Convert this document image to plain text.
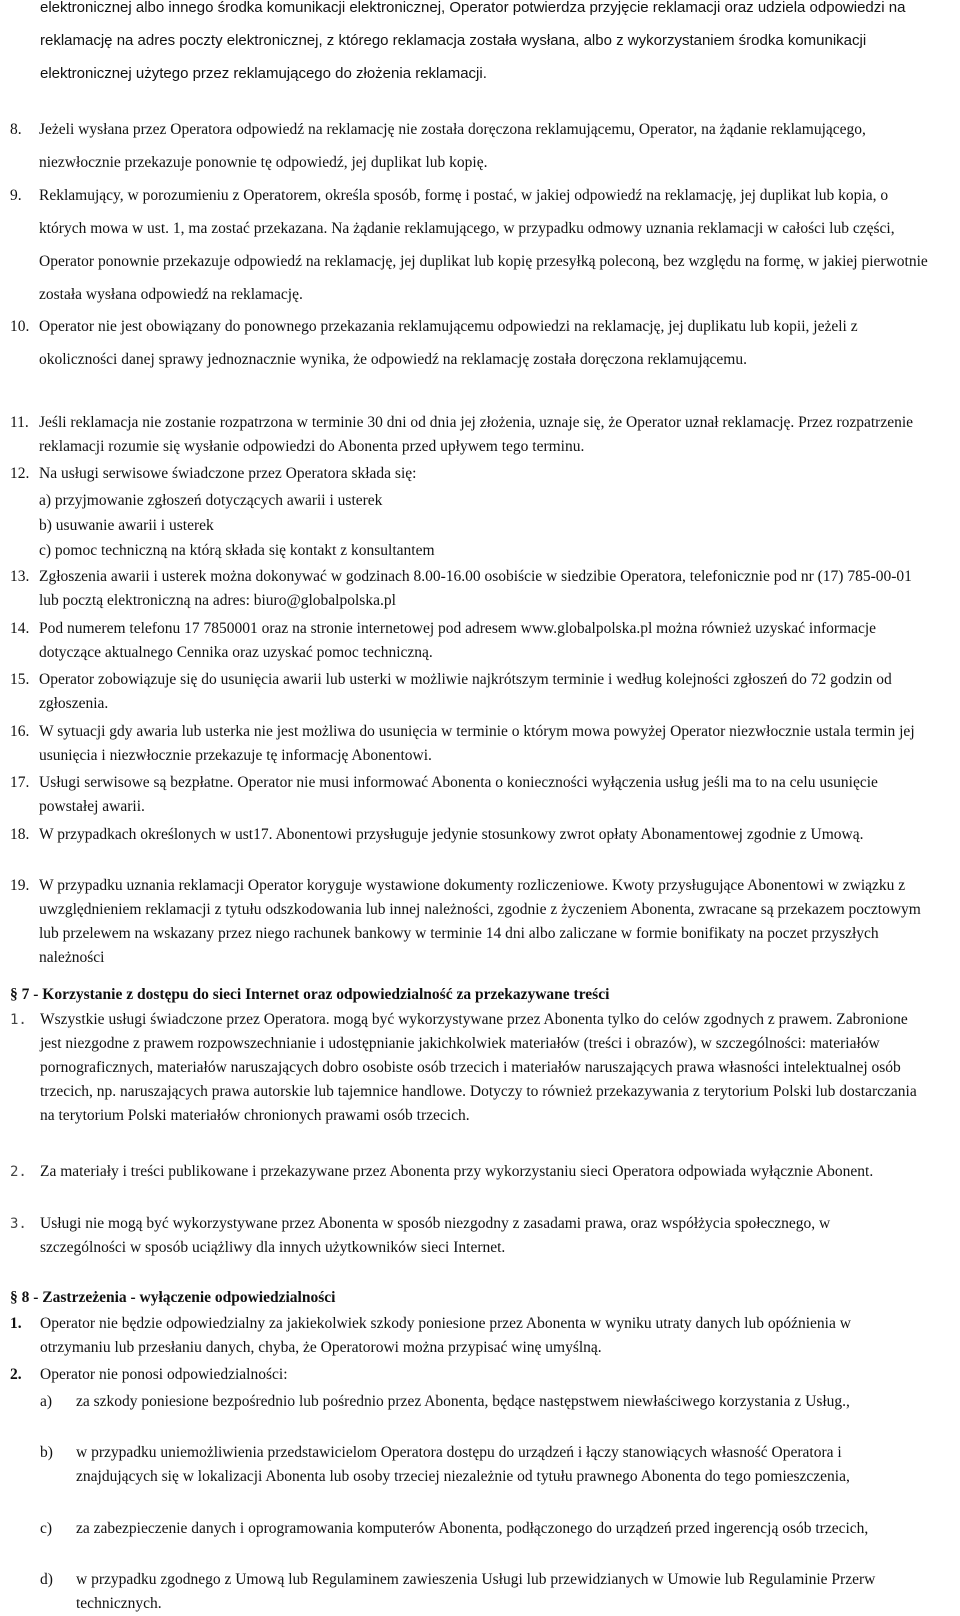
elektronicznej albo innego środka komunikacji elektronicznej, Operator potwierdza przyjęcie reklamacji oraz udziela odpowiedzi na reklamację na adres poczty elektronicznej, z którego reklamacja została wysłana, albo z wykorzystaniem środka komunikacji elektronicznej użytego przez reklamującego do złożenia reklamacji.
8.	Jeżeli wysłana przez Operatora odpowiedź na reklamację nie została doręczona reklamującemu, Operator, na żądanie reklamującego, niezwłocznie przekazuje ponownie tę odpowiedź, jej duplikat lub kopię.
9.	Reklamujący, w porozumieniu z Operatorem, określa sposób, formę i postać, w jakiej odpowiedź na reklamację, jej duplikat lub kopia, o których mowa w ust. 1, ma zostać przekazana. Na żądanie reklamującego, w przypadku odmowy uznania reklamacji w całości lub części, Operator ponownie przekazuje odpowiedź na reklamację, jej duplikat lub kopię przesyłką poleconą, bez względu na formę, w jakiej pierwotnie została wysłana odpowiedź na reklamację.
10. Operator nie jest obowiązany do ponownego przekazania reklamującemu odpowiedzi na reklamację, jej duplikatu lub kopii, jeżeli z okoliczności danej sprawy jednoznacznie wynika, że odpowiedź na reklamację została doręczona reklamującemu.
11. Jeśli reklamacja nie zostanie rozpatrzona w terminie 30 dni od dnia jej złożenia, uznaje się, że Operator uznał reklamację. Przez rozpatrzenie reklamacji rozumie się wysłanie odpowiedzi do Abonenta przed upływem tego terminu.
12. Na usługi serwisowe świadczone przez Operatora składa się:
a) przyjmowanie zgłoszeń dotyczących awarii i usterek
b) usuwanie awarii i usterek
c) pomoc techniczną na którą składa się kontakt z konsultantem
13. Zgłoszenia awarii i usterek można dokonywać w godzinach 8.00-16.00 osobiście w siedzibie Operatora, telefonicznie pod nr (17) 785-00-01 lub pocztą elektroniczną na adres: biuro@globalpolska.pl
14. Pod numerem telefonu 17 7850001 oraz na stronie internetowej pod adresem www.globalpolska.pl można również uzyskać informacje dotyczące aktualnego Cennika oraz uzyskać pomoc techniczną.
15. Operator zobowiązuje się do usunięcia awarii lub usterki w możliwie najkrótszym terminie i według kolejności zgłoszeń do 72 godzin od zgłoszenia.
16. W sytuacji gdy awaria lub usterka nie jest możliwa do usunięcia w terminie o którym mowa powyżej Operator niezwłocznie ustala termin jej usunięcia i niezwłocznie przekazuje tę informację Abonentowi.
17. Usługi serwisowe są bezpłatne. Operator nie musi informować Abonenta o konieczności wyłączenia usług jeśli ma to na celu usunięcie powstałej awarii.
18. W przypadkach określonych w ust17. Abonentowi przysługuje jedynie stosunkowy zwrot opłaty Abonamentowej zgodnie z Umową.
19. W przypadku uznania reklamacji Operator koryguje wystawione dokumenty rozliczeniowe. Kwoty przysługujące Abonentowi w związku z uwzględnieniem reklamacji z tytułu odszkodowania lub innej należności, zgodnie z życzeniem Abonenta, zwracane są przekazem pocztowym lub przelewem na wskazany przez niego rachunek bankowy w terminie 14 dni albo zaliczane w formie bonifikaty na poczet przyszłych należności
§ 7 - Korzystanie z dostępu do sieci Internet oraz odpowiedzialność za przekazywane treści
1. Wszystkie usługi świadczone przez Operatora. mogą być wykorzystywane przez Abonenta tylko do celów zgodnych z prawem. Zabronione jest niezgodne z prawem rozpowszechnianie i udostępnianie jakichkolwiek materiałów (treści i obrazów), w szczególności: materiałów pornograficznych, materiałów naruszających dobro osobiste osób trzecich i materiałów naruszających prawa własności intelektualnej osób trzecich, np. naruszających prawa autorskie lub tajemnice handlowe. Dotyczy to również przekazywania z terytorium Polski lub dostarczania na terytorium Polski materiałów chronionych prawami osób trzecich.
2. Za materiały i treści publikowane i przekazywane przez Abonenta przy wykorzystaniu sieci Operatora odpowiada wyłącznie Abonent.
3. Usługi nie mogą być wykorzystywane przez Abonenta w sposób niezgodny z zasadami prawa, oraz współżycia społecznego, w szczególności w sposób uciążliwy dla innych użytkowników sieci Internet.
§ 8 - Zastrzeżenia - wyłączenie odpowiedzialności
1.	Operator nie będzie odpowiedzialny za jakiekolwiek szkody poniesione przez Abonenta w wyniku utraty danych lub opóźnienia w otrzymaniu lub przesłaniu danych, chyba, że Operatorowi można przypisać winę umyślną.
2.	Operator nie ponosi odpowiedzialności:
a)	za szkody poniesione bezpośrednio lub pośrednio przez Abonenta, będące następstwem niewłaściwego korzystania z Usług.,
b)	w przypadku uniemożliwienia przedstawicielom Operatora dostępu do urządzeń i łączy stanowiących własność Operatora i znajdujących się w lokalizacji Abonenta lub osoby trzeciej niezależnie od tytułu prawnego Abonenta do tego pomieszczenia,
c)	za zabezpieczenie danych i oprogramowania komputerów Abonenta, podłączonego do urządzeń przed ingerencją osób trzecich,
d)	w przypadku zgodnego z Umową lub Regulaminem zawieszenia Usługi lub przewidzianych w Umowie lub Regulaminie Przerw technicznych.
